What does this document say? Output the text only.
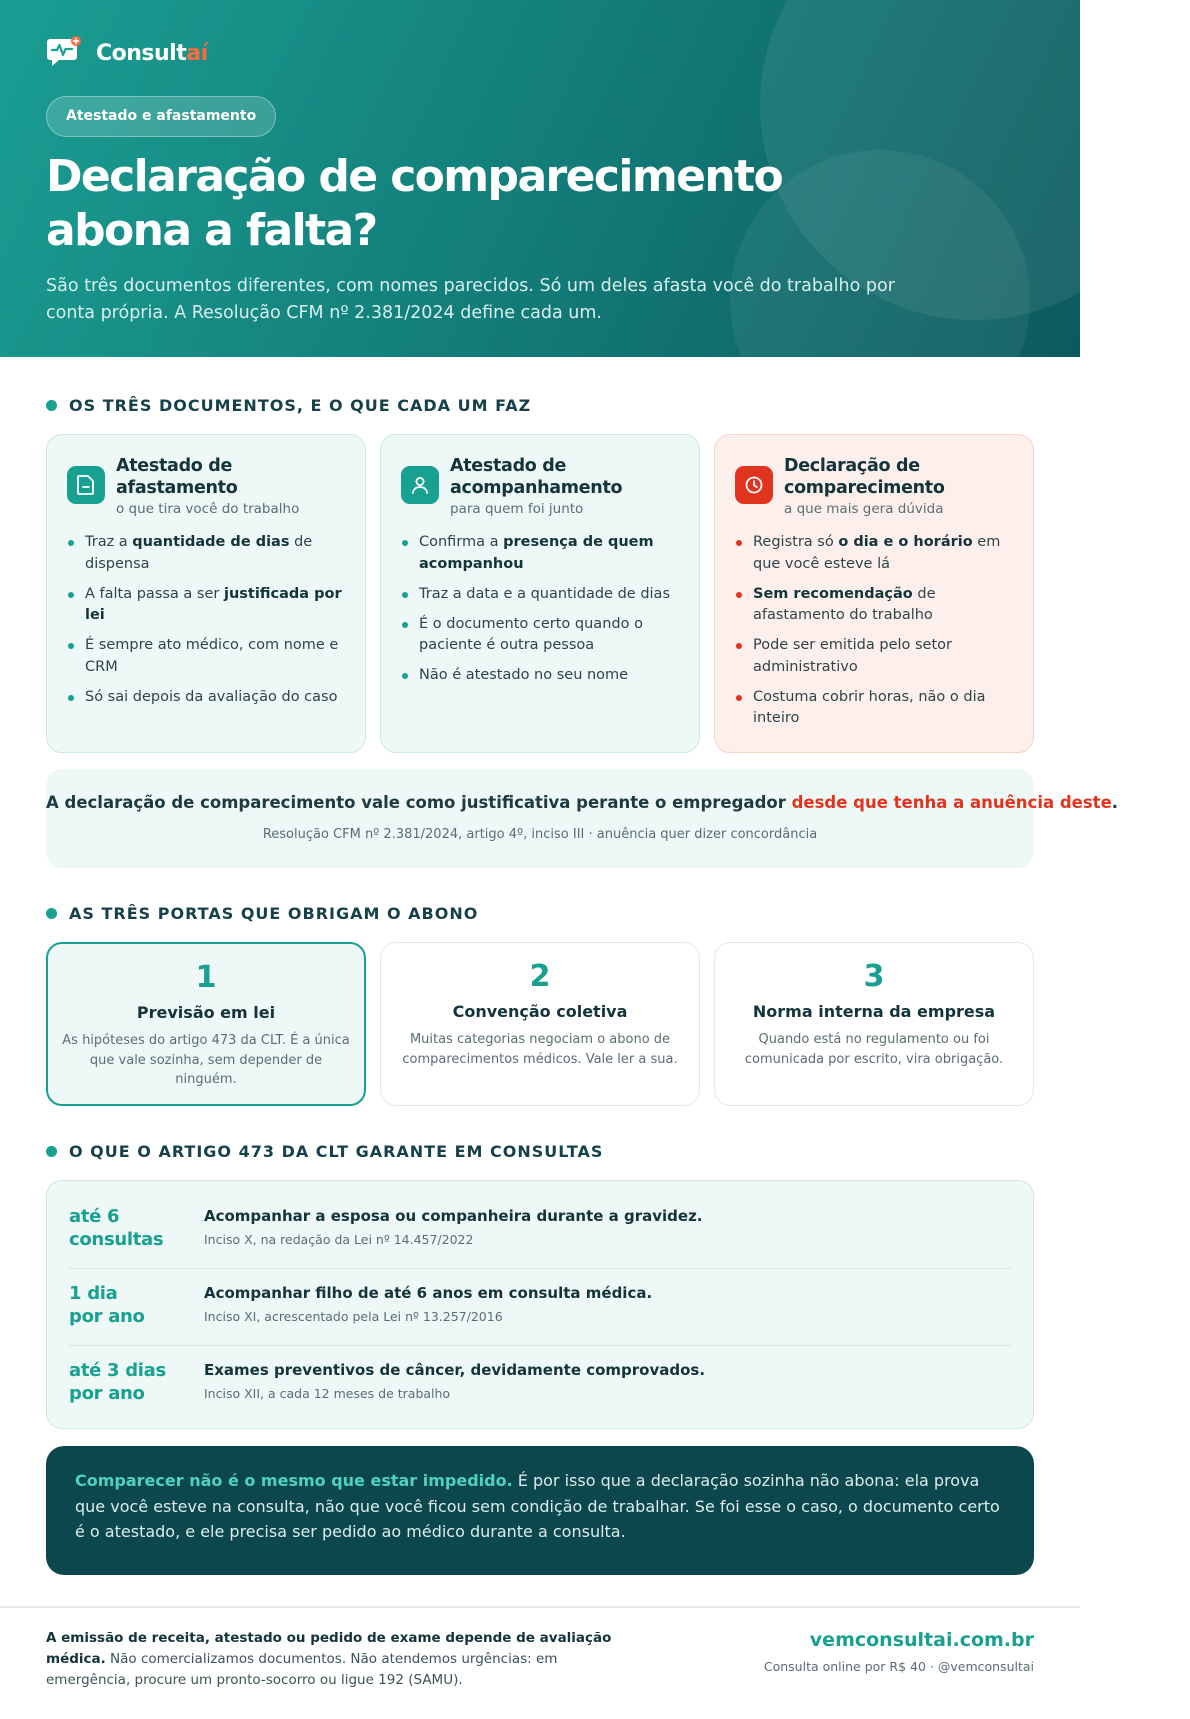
Consultaí
Atestado e afastamento
Declaração de comparecimento
abona a falta?

São três documentos diferentes, com nomes parecidos. Só um deles afasta você do trabalho por conta própria. A Resolução CFM nº 2.381/2024 define cada um.

OS TRÊS DOCUMENTOS, E O QUE CADA UM FAZ
Atestado de afastamento
o que tira você do trabalho
Traz a quantidade de dias de dispensa
A falta passa a ser justificada por lei
É sempre ato médico, com nome e CRM
Só sai depois da avaliação do caso
Atestado de acompanhamento
para quem foi junto
Confirma a presença de quem acompanhou
Traz a data e a quantidade de dias
É o documento certo quando o paciente é outra pessoa
Não é atestado no seu nome
Declaração de comparecimento
a que mais gera dúvida
Registra só o dia e o horário em que você esteve lá
Sem recomendação de afastamento do trabalho
Pode ser emitida pelo setor administrativo
Costuma cobrir horas, não o dia inteiro
A declaração de comparecimento vale como justificativa perante o empregador desde que tenha a anuência deste.
Resolução CFM nº 2.381/2024, artigo 4º, inciso III · anuência quer dizer concordância
AS TRÊS PORTAS QUE OBRIGAM O ABONO
1
Previsão em lei
As hipóteses do artigo 473 da CLT. É a única que vale sozinha, sem depender de ninguém.
2
Convenção coletiva
Muitas categorias negociam o abono de comparecimentos médicos. Vale ler a sua.
3
Norma interna da empresa
Quando está no regulamento ou foi comunicada por escrito, vira obrigação.
O QUE O ARTIGO 473 DA CLT GARANTE EM CONSULTAS
até 6
consultas
Acompanhar a esposa ou companheira durante a gravidez.
Inciso X, na redação da Lei nº 14.457/2022
1 dia
por ano
Acompanhar filho de até 6 anos em consulta médica.
Inciso XI, acrescentado pela Lei nº 13.257/2016
até 3 dias
por ano
Exames preventivos de câncer, devidamente comprovados.
Inciso XII, a cada 12 meses de trabalho
Comparecer não é o mesmo que estar impedido. É por isso que a declaração sozinha não abona: ela prova que você esteve na consulta, não que você ficou sem condição de trabalhar. Se foi esse o caso, o documento certo é o atestado, e ele precisa ser pedido ao médico durante a consulta.
A emissão de receita, atestado ou pedido de exame depende de avaliação médica. Não comercializamos documentos. Não atendemos urgências: em emergência, procure um pronto-socorro ou ligue 192 (SAMU).
vemconsultai.com.br
Consulta online por R$ 40 · @vemconsultai
